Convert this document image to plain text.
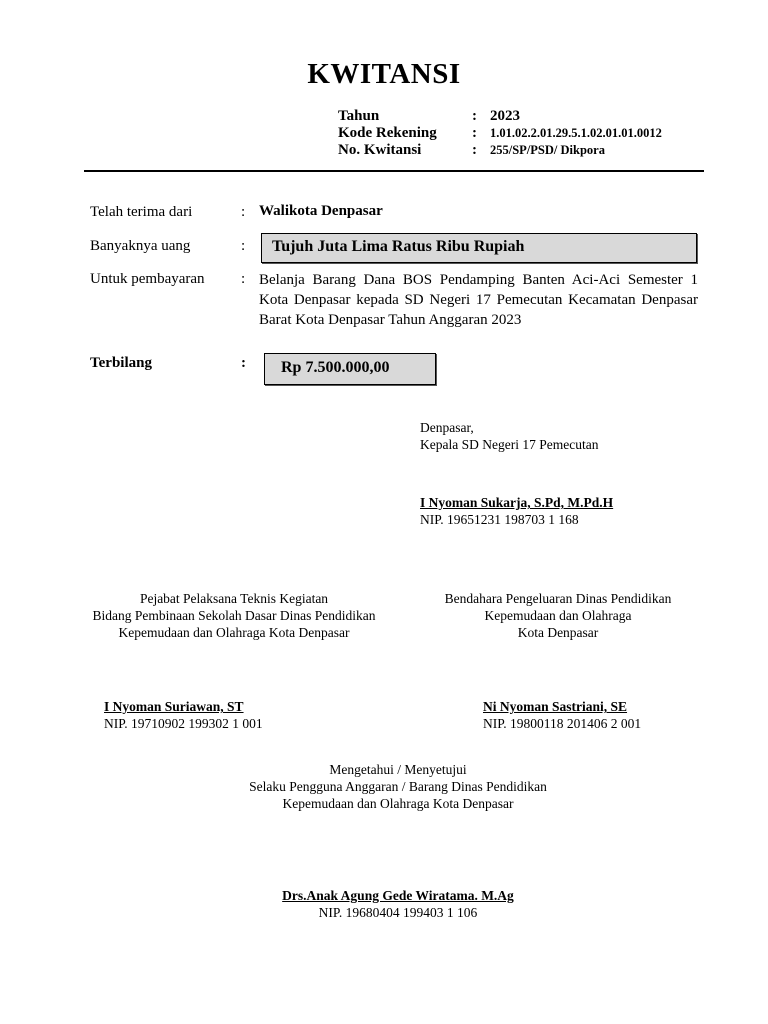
KWITANSI
Tahun	: 2023
Kode Rekening	:	1.01.02.2.01.29.5.1.02.01.01.0012
No. Kwitansi	:	255/SP/PSD/ Dikpora
Telah terima dari	: Walikota Denpasar
Banyaknya uang	: Tujuh Juta Lima Ratus Ribu Rupiah
Untuk pembayaran : Belanja Barang Dana BOS Pendamping Banten Aci-Aci Semester 1 Kota Denpasar kepada SD Negeri 17 Pemecutan Kecamatan Denpasar Barat Kota Denpasar Tahun Anggaran 2023
Terbilang	: Rp 7.500.000,00
Denpasar,
Kepala SD Negeri 17 Pemecutan
I Nyoman Sukarja, S.Pd, M.Pd.H
NIP. 19651231 198703 1 168
Pejabat Pelaksana Teknis Kegiatan
Bidang Pembinaan Sekolah Dasar Dinas Pendidikan
Kepemudaan dan Olahraga Kota Denpasar
I Nyoman Suriawan, ST
NIP. 19710902 199302 1 001
Bendahara Pengeluaran Dinas Pendidikan
Kepemudaan dan Olahraga
Kota Denpasar
Ni Nyoman Sastriani, SE
NIP. 19800118 201406 2 001
Mengetahui / Menyetujui
Selaku Pengguna Anggaran / Barang Dinas Pendidikan
Kepemudaan dan Olahraga Kota Denpasar
Drs.Anak Agung Gede Wiratama. M.Ag
NIP. 19680404 199403 1 106
